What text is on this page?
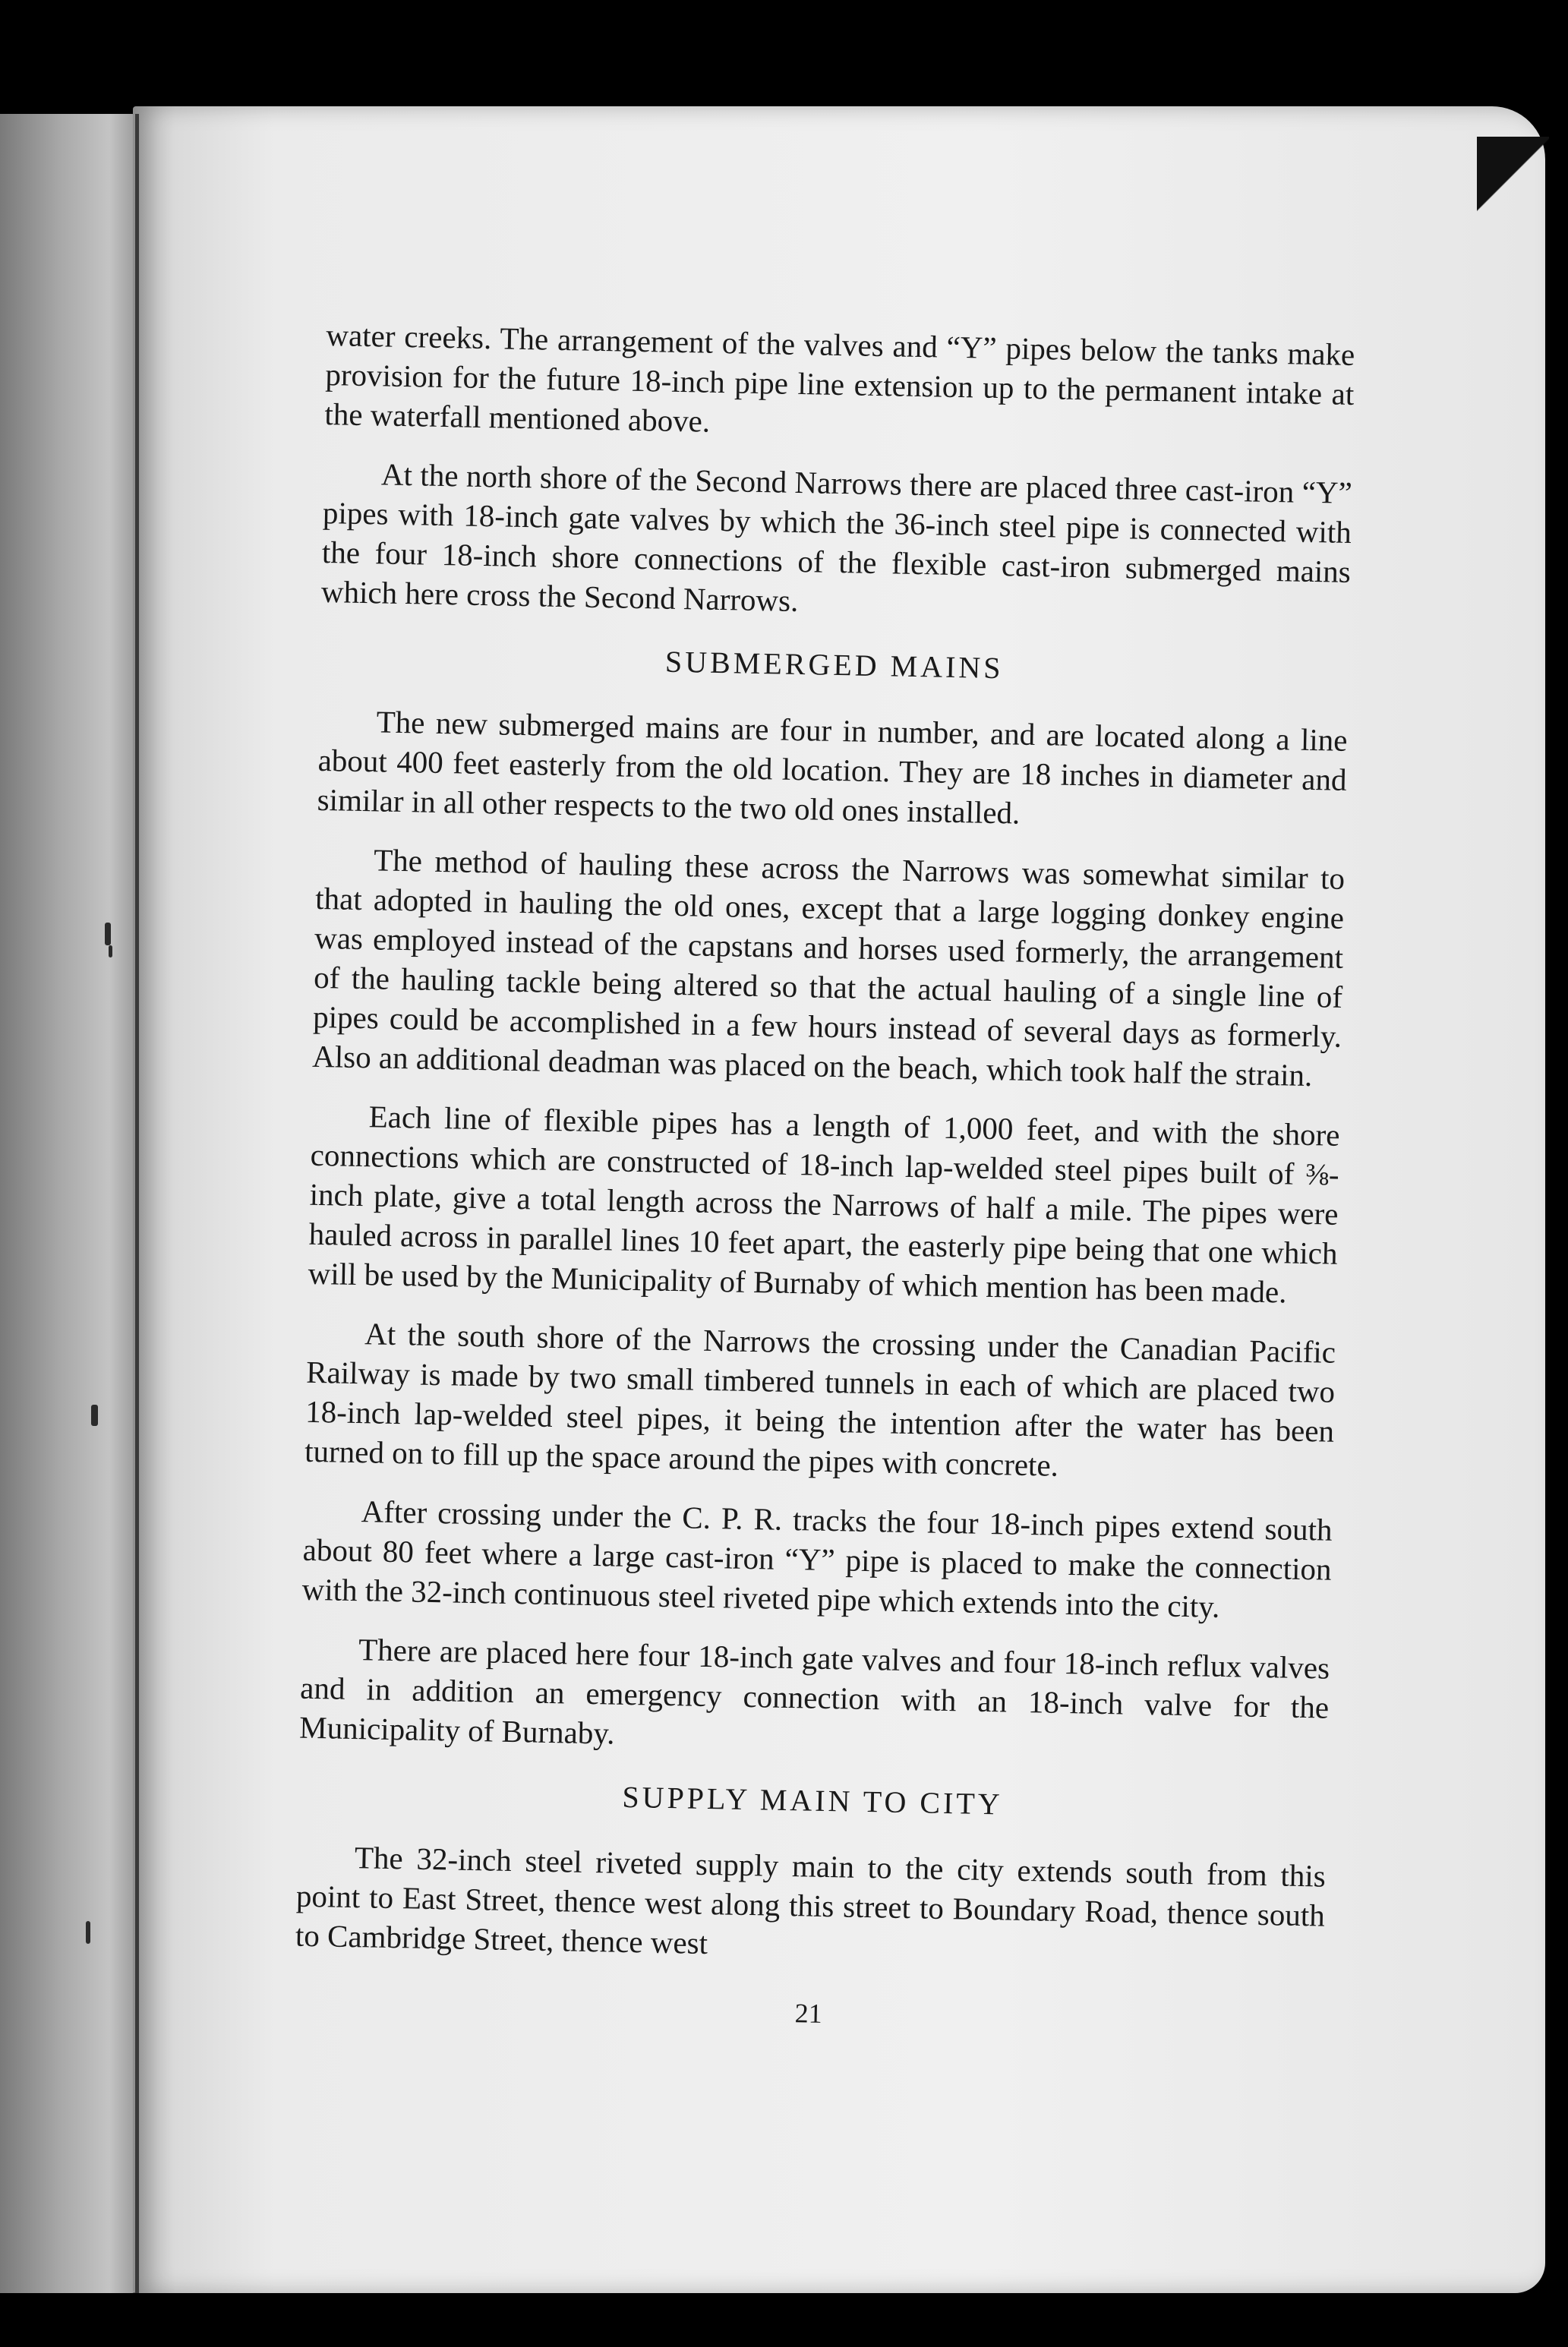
water creeks. The arrangement of the valves and “Y” pipes below the tanks make provision for the future 18-inch pipe line extension up to the permanent intake at the waterfall mentioned above.

At the north shore of the Second Narrows there are placed three cast-iron “Y” pipes with 18-inch gate valves by which the 36-inch steel pipe is connected with the four 18-inch shore connections of the flexible cast-iron submerged mains which here cross the Second Narrows.

SUBMERGED MAINS

The new submerged mains are four in number, and are located along a line about 400 feet easterly from the old location. They are 18 inches in diameter and similar in all other respects to the two old ones installed.

The method of hauling these across the Narrows was somewhat similar to that adopted in hauling the old ones, except that a large logging donkey engine was employed instead of the capstans and horses used formerly, the arrangement of the hauling tackle being altered so that the actual hauling of a single line of pipes could be accomplished in a few hours instead of several days as formerly. Also an additional deadman was placed on the beach, which took half the strain.

Each line of flexible pipes has a length of 1,000 feet, and with the shore connections which are constructed of 18-inch lap-welded steel pipes built of ⅜-inch plate, give a total length across the Narrows of half a mile. The pipes were hauled across in parallel lines 10 feet apart, the easterly pipe being that one which will be used by the Municipality of Burnaby of which mention has been made.

At the south shore of the Narrows the crossing under the Canadian Pacific Railway is made by two small timbered tunnels in each of which are placed two 18-inch lap-welded steel pipes, it being the intention after the water has been turned on to fill up the space around the pipes with concrete.

After crossing under the C. P. R. tracks the four 18-inch pipes extend south about 80 feet where a large cast-iron “Y” pipe is placed to make the connection with the 32-inch continuous steel riveted pipe which extends into the city.

There are placed here four 18-inch gate valves and four 18-inch reflux valves and in addition an emergency connection with an 18-inch valve for the Municipality of Burnaby.

SUPPLY MAIN TO CITY

The 32-inch steel riveted supply main to the city extends south from this point to East Street, thence west along this street to Boundary Road, thence south to Cambridge Street, thence west

21
